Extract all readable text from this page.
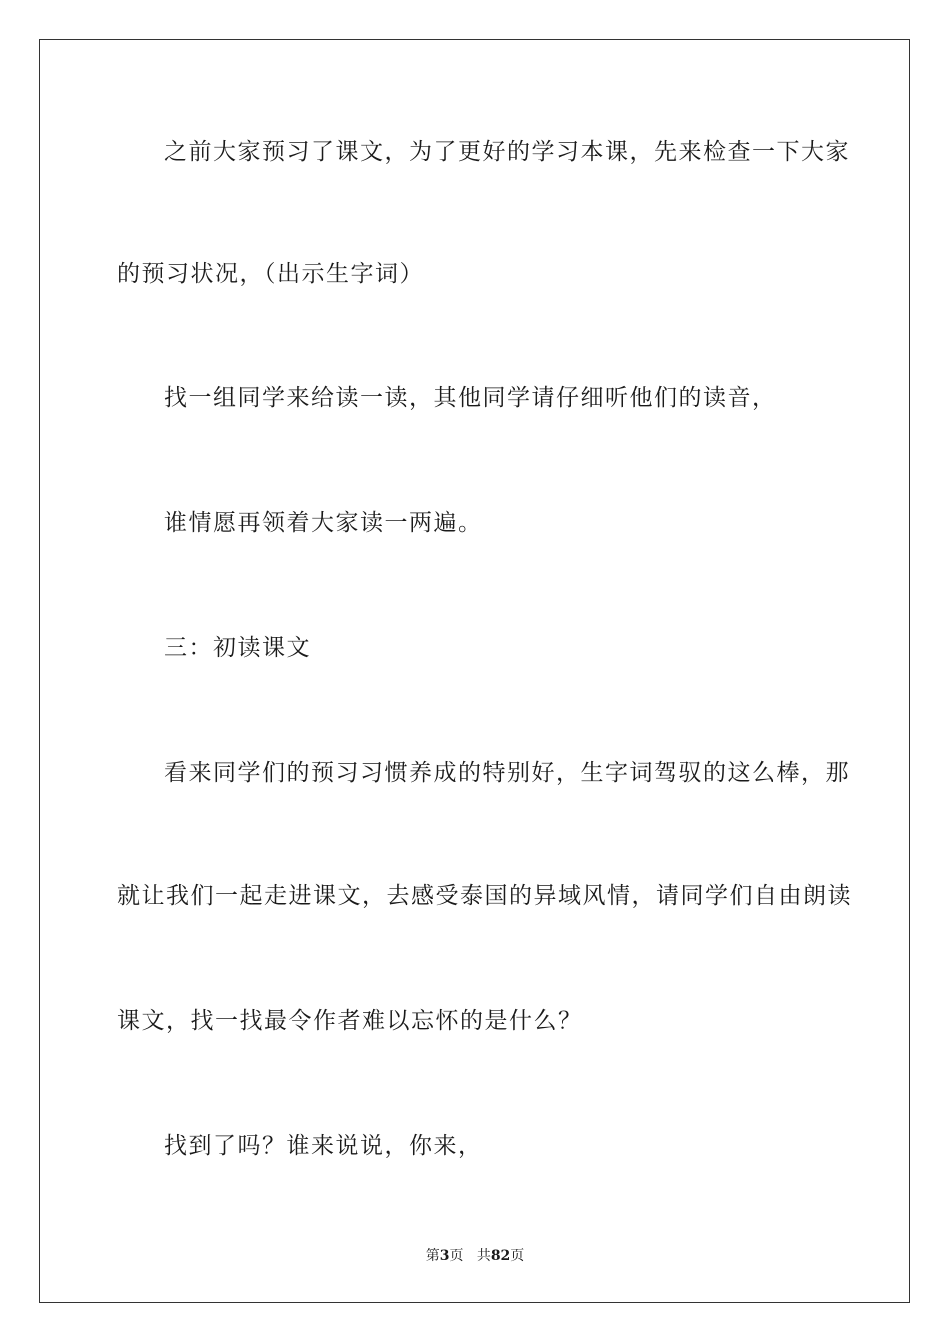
之前大家预习了课文，为了更好的学习本课，先来检查一下大家
的预习状况，（出示生字词）
找一组同学来给读一读，其他同学请仔细听他们的读音，
谁情愿再领着大家读一两遍。
三：初读课文
看来同学们的预习习惯养成的特别好，生字词驾驭的这么棒，那
就让我们一起走进课文，去感受泰国的异域风情，请同学们自由朗读
课文，找一找最令作者难以忘怀的是什么？
找到了吗？谁来说说，你来，
第3页 共82页
